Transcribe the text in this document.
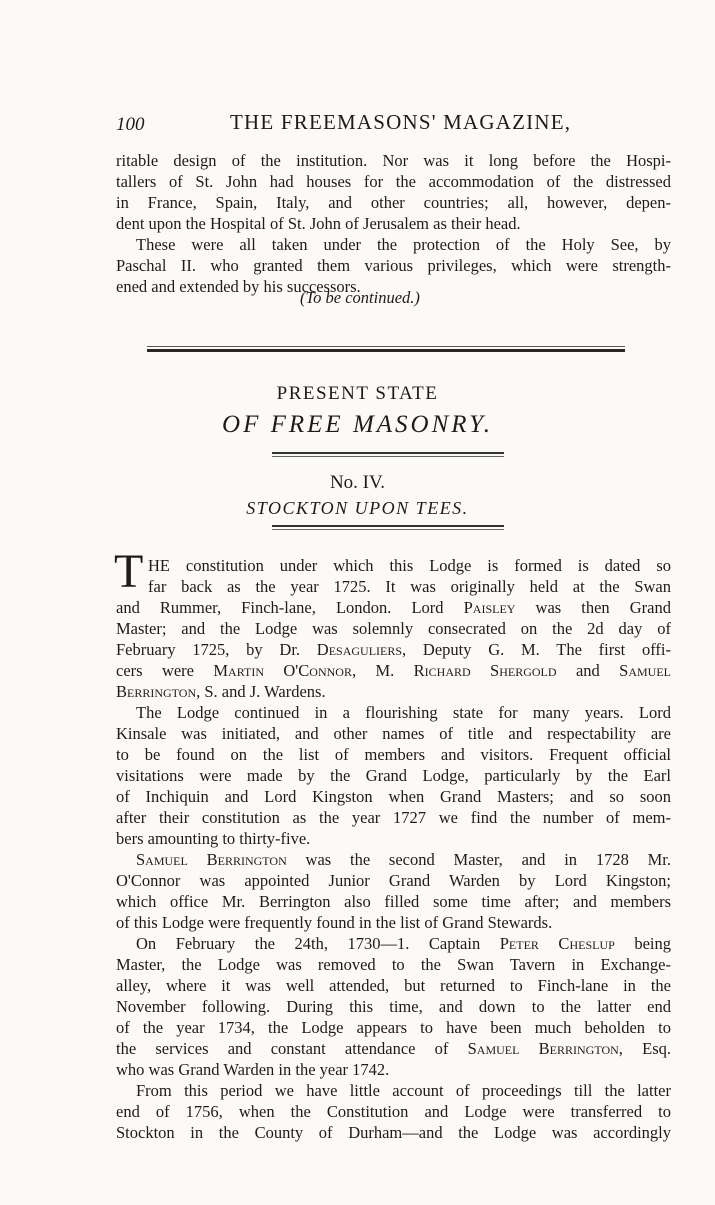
100	THE FREEMASONS' MAGAZINE,
ritable design of the institution. Nor was it long before the Hospi-
tallers of St. John had houses for the accommodation of the distressed
in France, Spain, Italy, and other countries; all, however, depen-
dent upon the Hospital of St. John of Jerusalem as their head.
These were all taken under the protection of the Holy See, by
Paschal II. who granted them various privileges, which were strength-
ened and extended by his successors.
(To be continued.)
PRESENT STATE
OF FREE MASONRY.
No. IV.
STOCKTON UPON TEES.
T HE constitution under which this Lodge is formed is dated so
far back as the year 1725. It was originally held at the Swan
and Rummer, Finch-lane, London. Lord Paisley was then Grand
Master; and the Lodge was solemnly consecrated on the 2d day of
February 1725, by Dr. Desaguliers, Deputy G. M. The first offi-
cers were Martin O'Connor, M. Richard Shergold and Samuel
Berrington, S. and J. Wardens.
The Lodge continued in a flourishing state for many years. Lord
Kinsale was initiated, and other names of title and respectability are
to be found on the list of members and visitors. Frequent official
visitations were made by the Grand Lodge, particularly by the Earl
of Inchiquin and Lord Kingston when Grand Masters; and so soon
after their constitution as the year 1727 we find the number of mem-
bers amounting to thirty-five.
Samuel Berrington was the second Master, and in 1728 Mr.
O'Connor was appointed Junior Grand Warden by Lord Kingston;
which office Mr. Berrington also filled some time after; and members
of this Lodge were frequently found in the list of Grand Stewards.
On February the 24th, 1730—1. Captain Peter Cheslup being
Master, the Lodge was removed to the Swan Tavern in Exchange-
alley, where it was well attended, but returned to Finch-lane in the
November following. During this time, and down to the latter end
of the year 1734, the Lodge appears to have been much beholden to
the services and constant attendance of Samuel Berrington, Esq.
who was Grand Warden in the year 1742.
From this period we have little account of proceedings till the latter
end of 1756, when the Constitution and Lodge were transferred to
Stockton in the County of Durham—and the Lodge was accordingly
